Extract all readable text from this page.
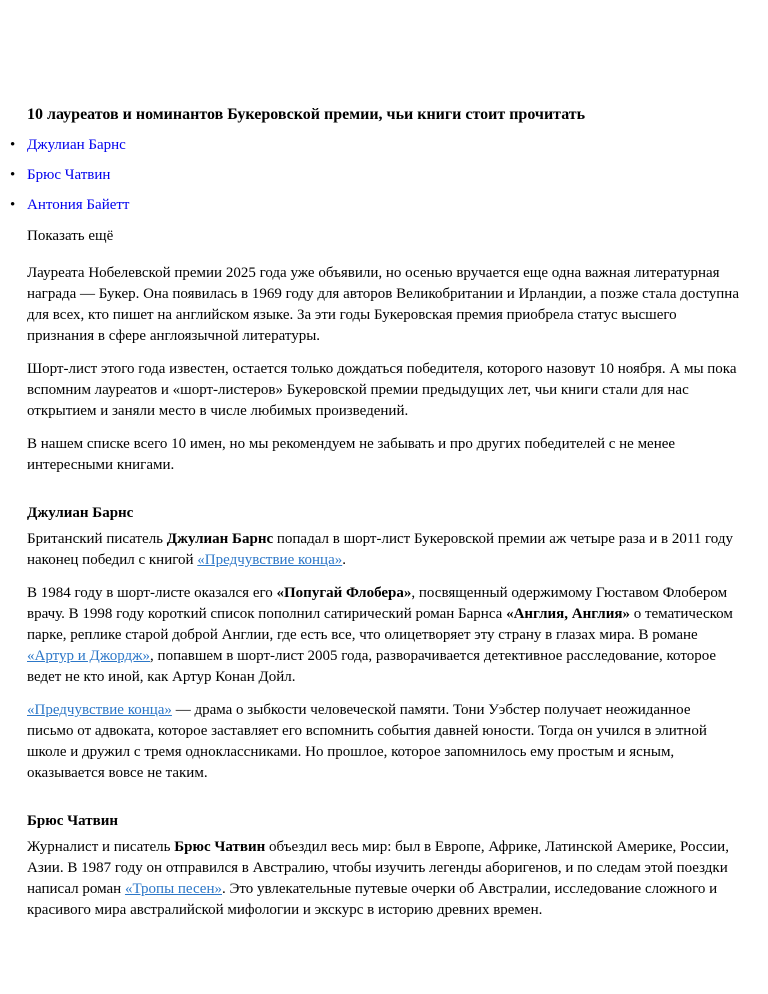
10 лауреатов и номинантов Букеровской премии, чьи книги стоит прочитать
• Джулиан Барнс
• Брюс Чатвин
• Антония Байетт

Показать ещё

Лауреата Нобелевской премии 2025 года уже объявили, но осенью вручается еще одна важная литературная награда — Букер. Она появилась в 1969 году для авторов Великобритании и Ирландии, а позже стала доступна для всех, кто пишет на английском языке. За эти годы Букеровская премия приобрела статус высшего признания в сфере англоязычной литературы.

Шорт-лист этого года известен, остается только дождаться победителя, которого назовут 10 ноября. А мы пока вспомним лауреатов и «шорт-листеров» Букеровской премии предыдущих лет, чьи книги стали для нас открытием и заняли место в числе любимых произведений.

В нашем списке всего 10 имен, но мы рекомендуем не забывать и про других победителей с не менее интересными книгами.

Джулиан Барнс

Британский писатель Джулиан Барнс попадал в шорт-лист Букеровской премии аж четыре раза и в 2011 году наконец победил с книгой «Предчувствие конца».

В 1984 году в шорт-листе оказался его «Попугай Флобера», посвященный одержимому Гюставом Флобером врачу. В 1998 году короткий список пополнил сатирический роман Барнса «Англия, Англия» о тематическом парке, реплике старой доброй Англии, где есть все, что олицетворяет эту страну в глазах мира. В романе «Артур и Джордж», попавшем в шорт-лист 2005 года, разворачивается детективное расследование, которое ведет не кто иной, как Артур Конан Дойл.

«Предчувствие конца» — драма о зыбкости человеческой памяти. Тони Уэбстер получает неожиданное письмо от адвоката, которое заставляет его вспомнить события давней юности. Тогда он учился в элитной школе и дружил с тремя одноклассниками. Но прошлое, которое запомнилось ему простым и ясным, оказывается вовсе не таким.

Брюс Чатвин

Журналист и писатель Брюс Чатвин объездил весь мир: был в Европе, Африке, Латинской Америке, России, Азии. В 1987 году он отправился в Австралию, чтобы изучить легенды аборигенов, и по следам этой поездки написал роман «Тропы песен». Это увлекательные путевые очерки об Австралии, исследование сложного и красивого мира австралийской мифологии и экскурс в историю древних времен.
